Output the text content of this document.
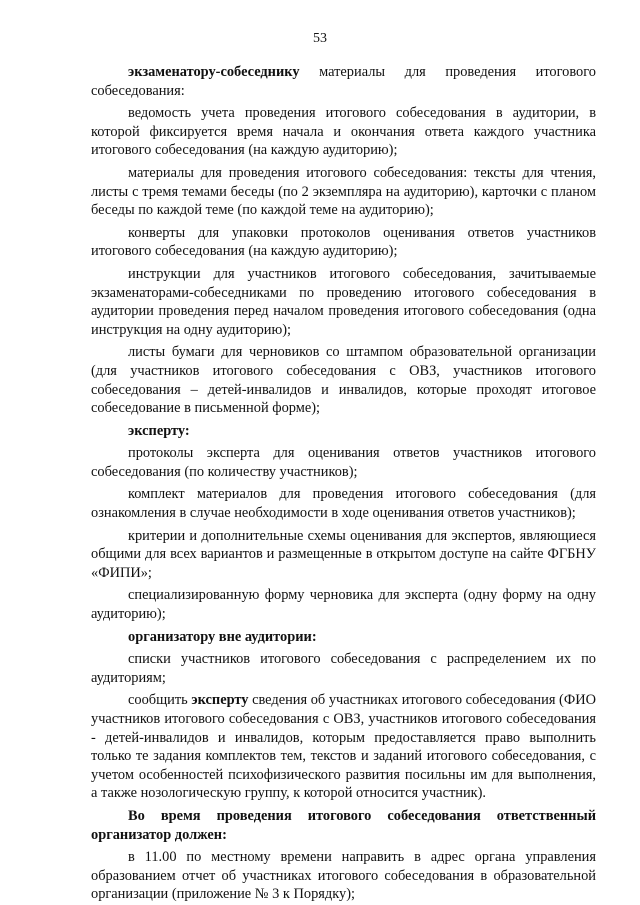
53

экзаменатору-собеседнику материалы для проведения итогового собеседования:

ведомость учета проведения итогового собеседования в аудитории, в которой фиксируется время начала и окончания ответа каждого участника итогового собеседования (на каждую аудиторию);

материалы для проведения итогового собеседования: тексты для чтения, листы с тремя темами беседы (по 2 экземпляра на аудиторию), карточки с планом беседы по каждой теме (по каждой теме на аудиторию);

конверты для упаковки протоколов оценивания ответов участников итогового собеседования (на каждую аудиторию);

инструкции для участников итогового собеседования, зачитываемые экзаменаторами-собеседниками по проведению итогового собеседования в аудитории проведения перед началом проведения итогового собеседования (одна инструкция на одну аудиторию);

листы бумаги для черновиков со штампом образовательной организации (для участников итогового собеседования с ОВЗ, участников итогового собеседования – детей-инвалидов и инвалидов, которые проходят итоговое собеседование в письменной форме);

эксперту:

протоколы эксперта для оценивания ответов участников итогового собеседования (по количеству участников);

комплект материалов для проведения итогового собеседования (для ознакомления в случае необходимости в ходе оценивания ответов участников);

критерии и дополнительные схемы оценивания для экспертов, являющиеся общими для всех вариантов и размещенные в открытом доступе на сайте ФГБНУ «ФИПИ»;

специализированную форму черновика для эксперта (одну форму на одну аудиторию);

организатору вне аудитории:

списки участников итогового собеседования с распределением их по аудиториям;

сообщить эксперту сведения об участниках итогового собеседования (ФИО участников итогового собеседования с ОВЗ, участников итогового собеседования - детей-инвалидов и инвалидов, которым предоставляется право выполнить только те задания комплектов тем, текстов и заданий итогового собеседования, с учетом особенностей психофизического развития посильны им для выполнения, а также нозологическую группу, к которой относится участник).

Во время проведения итогового собеседования ответственный организатор должен:

в 11.00 по местному времени направить в адрес органа управления образованием отчет об участниках итогового собеседования в образовательной организации (приложение № 3 к Порядку);
